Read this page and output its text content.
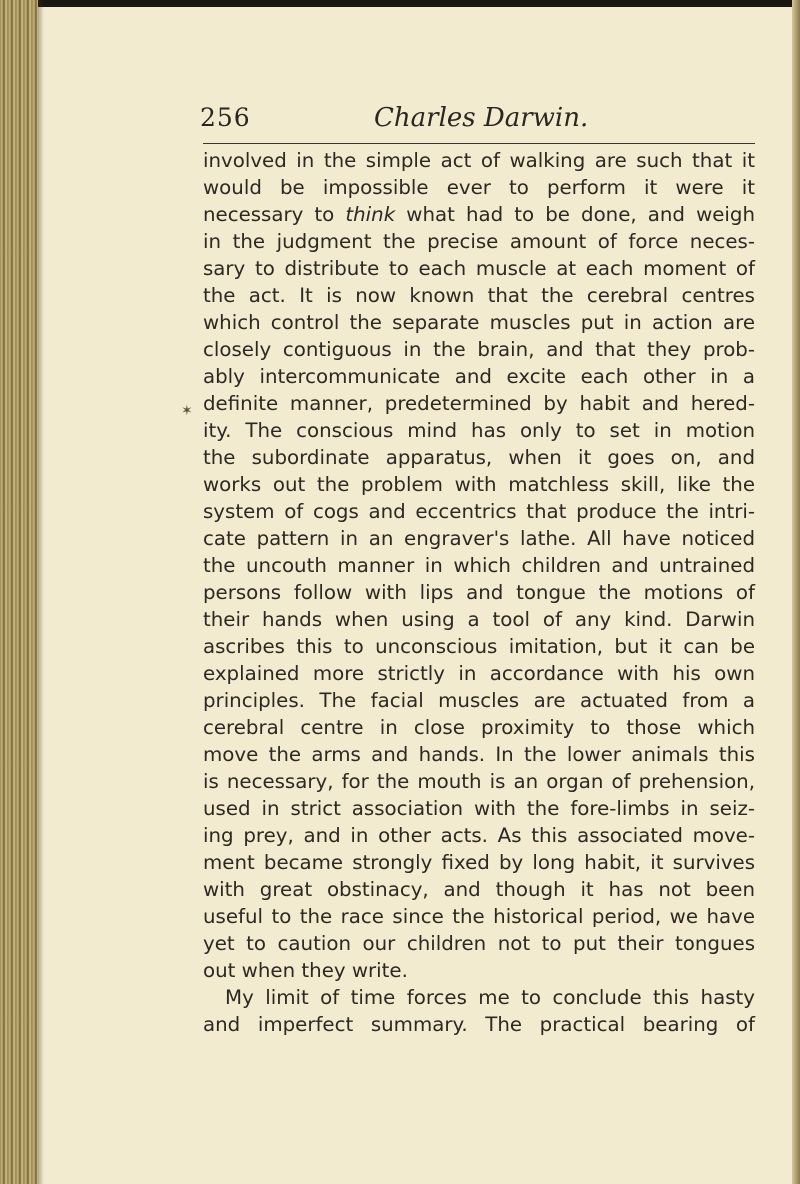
256	Charles Darwin.
✶
involved in the simple act of walking are such that it
would be impossible ever to perform it were it
necessary to think what had to be done, and weigh
in the judgment the precise amount of force neces-
sary to distribute to each muscle at each moment of
the act. It is now known that the cerebral centres
which control the separate muscles put in action are
closely contiguous in the brain, and that they prob-
ably intercommunicate and excite each other in a
definite manner, predetermined by habit and hered-
ity. The conscious mind has only to set in motion
the subordinate apparatus, when it goes on, and
works out the problem with matchless skill, like the
system of cogs and eccentrics that produce the intri-
cate pattern in an engraver's lathe. All have noticed
the uncouth manner in which children and untrained
persons follow with lips and tongue the motions of
their hands when using a tool of any kind. Darwin
ascribes this to unconscious imitation, but it can be
explained more strictly in accordance with his own
principles. The facial muscles are actuated from a
cerebral centre in close proximity to those which
move the arms and hands. In the lower animals this
is necessary, for the mouth is an organ of prehension,
used in strict association with the fore-limbs in seiz-
ing prey, and in other acts. As this associated move-
ment became strongly fixed by long habit, it survives
with great obstinacy, and though it has not been
useful to the race since the historical period, we have
yet to caution our children not to put their tongues
out when they write.
My limit of time forces me to conclude this hasty
and imperfect summary. The practical bearing of
